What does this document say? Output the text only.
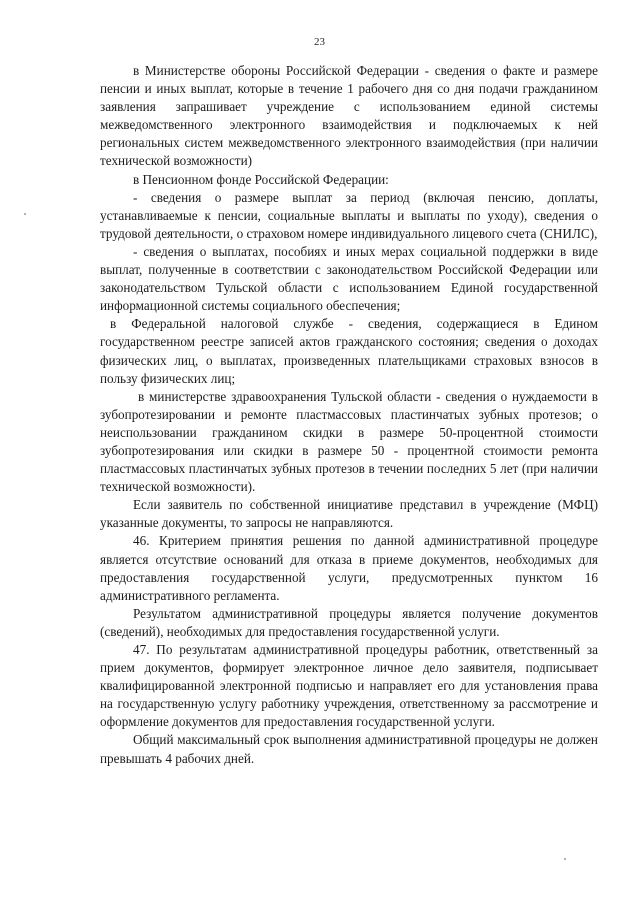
23

в Министерстве обороны Российской Федерации - сведения о факте и размере пенсии и иных выплат, которые в течение 1 рабочего дня со дня подачи гражданином заявления запрашивает учреждение с использованием единой системы межведомственного электронного взаимодействия и подключаемых к ней региональных систем межведомственного электронного взаимодействия (при наличии технической возможности)

в Пенсионном фонде Российской Федерации:

- сведения о размере выплат за период (включая пенсию, доплаты, устанавливаемые к пенсии, социальные выплаты и выплаты по уходу), сведения о трудовой деятельности, о страховом номере индивидуального лицевого счета (СНИЛС),

- сведения о выплатах, пособиях и иных мерах социальной поддержки в виде выплат, полученные в соответствии с законодательством Российской Федерации или законодательством Тульской области с использованием Единой государственной информационной системы социального обеспечения;

в Федеральной налоговой службе - сведения, содержащиеся в Едином государственном реестре записей актов гражданского состояния; сведения о доходах физических лиц, о выплатах, произведенных плательщиками страховых взносов в пользу физических лиц;

в министерстве здравоохранения Тульской области - сведения о нуждаемости в зубопротезировании и ремонте пластмассовых пластинчатых зубных протезов; о неиспользовании гражданином скидки в размере 50-процентной стоимости зубопротезирования или скидки в размере 50 - процентной стоимости ремонта пластмассовых пластинчатых зубных протезов в течении последних 5 лет (при наличии технической возможности).

Если заявитель по собственной инициативе представил в учреждение (МФЦ) указанные документы, то запросы не направляются.

46. Критерием принятия решения по данной административной процедуре является отсутствие оснований для отказа в приеме документов, необходимых для предоставления государственной услуги, предусмотренных пунктом 16 административного регламента.

Результатом административной процедуры является получение документов (сведений), необходимых для предоставления государственной услуги.

47. По результатам административной процедуры работник, ответственный за прием документов, формирует электронное личное дело заявителя, подписывает квалифицированной электронной подписью и направляет его для установления права на государственную услугу работнику учреждения, ответственному за рассмотрение и оформление документов для предоставления государственной услуги.

Общий максимальный срок выполнения административной процедуры не должен превышать 4 рабочих дней.
